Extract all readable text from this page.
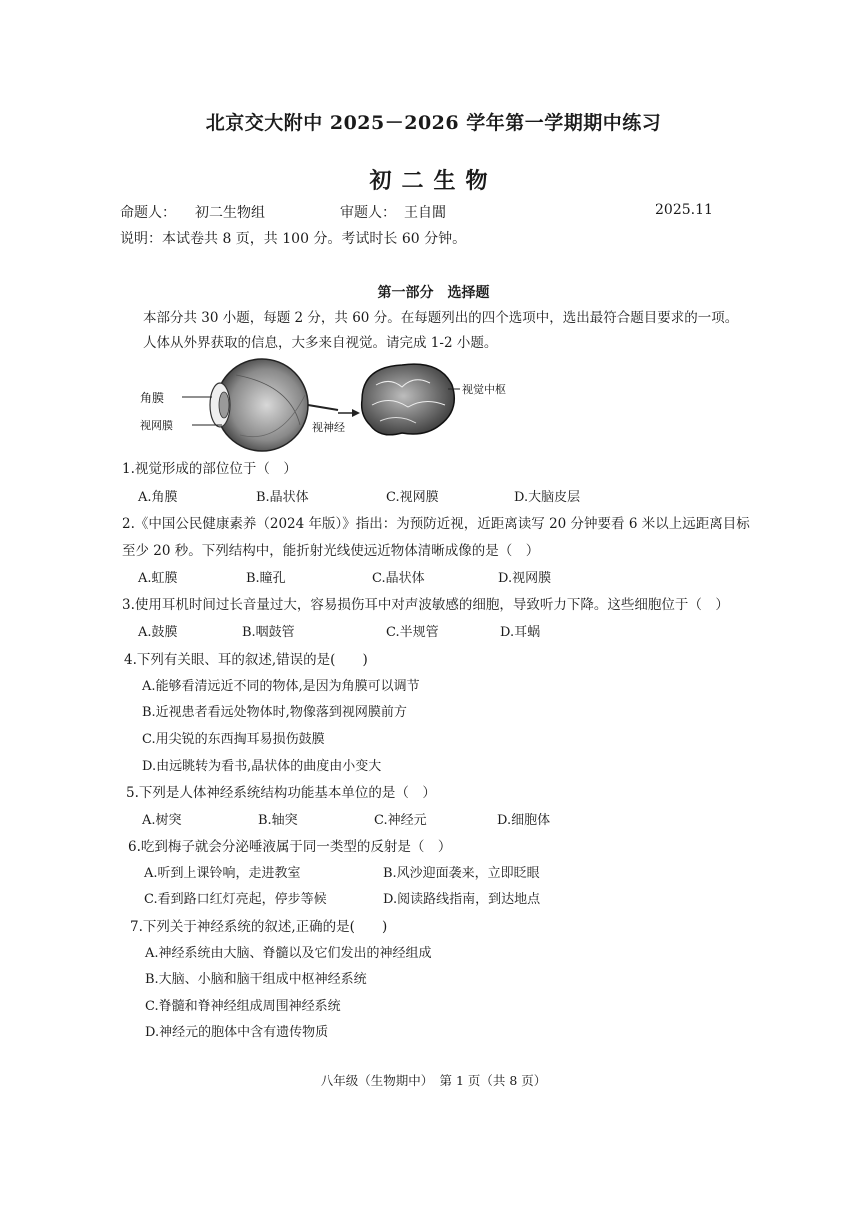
北京交大附中 2025－2026 学年第一学期期中练习
初二生物
命题人： 初二生物组	审题人： 王自閶	2025.11
说明：本试卷共 8 页，共 100 分。考试时长 60 分钟。
第一部分　选择题
本部分共 30 小题，每题 2 分，共 60 分。在每题列出的四个选项中，选出最符合题目要求的一项。
人体从外界获取的信息，大多来自视觉。请完成 1-2 小题。
角膜
视网膜	视神经
视觉中枢
1.视觉形成的部位位于（　）
A.角膜	B.晶状体	C.视网膜	D.大脑皮层
2.《中国公民健康素养（2024 年版）》指出：为预防近视，近距离读写 20 分钟要看 6 米以上远距离目标
至少 20 秒。下列结构中，能折射光线使远近物体清晰成像的是（　）
A.虹膜	B.瞳孔	C.晶状体	D.视网膜
3.使用耳机时间过长音量过大，容易损伤耳中对声波敏感的细胞，导致听力下降。这些细胞位于（　）
A.鼓膜	B.咽鼓管	C.半规管	D.耳蜗
4.下列有关眼、耳的叙述,错误的是(　　)
A.能够看清远近不同的物体,是因为角膜可以调节
B.近视患者看远处物体时,物像落到视网膜前方
C.用尖锐的东西掏耳易损伤鼓膜
D.由远眺转为看书,晶状体的曲度由小变大
5.下列是人体神经系统结构功能基本单位的是（　）
A.树突	B.轴突	C.神经元	D.细胞体
6.吃到梅子就会分泌唾液属于同一类型的反射是（　）
A.听到上课铃响，走进教室	B.风沙迎面袭来，立即眨眼
C.看到路口红灯亮起，停步等候	D.阅读路线指南，到达地点
7.下列关于神经系统的叙述,正确的是(　　)
A.神经系统由大脑、脊髓以及它们发出的神经组成
B.大脑、小脑和脑干组成中枢神经系统
C.脊髓和脊神经组成周围神经系统
D.神经元的胞体中含有遗传物质
八年级（生物期中）　第 1 页（共 8 页）
